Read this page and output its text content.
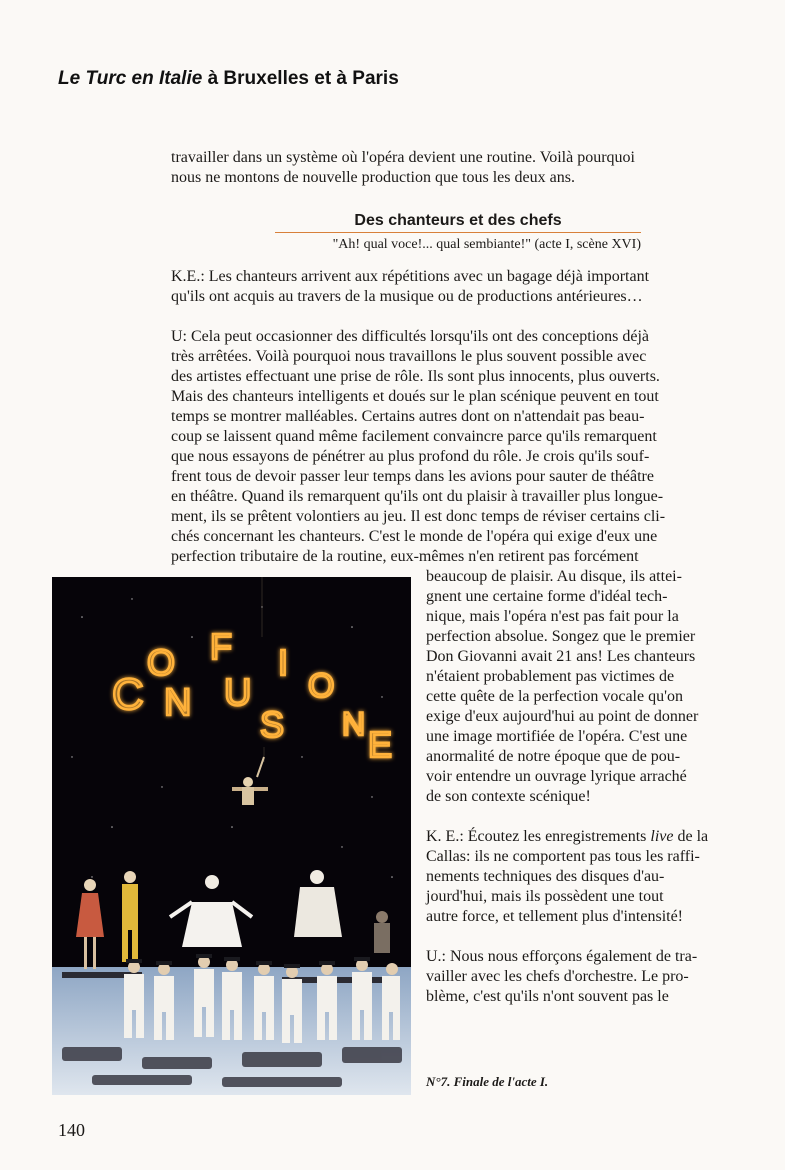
Le Turc en Italie à Bruxelles et à Paris
travailler dans un système où l'opéra devient une routine. Voilà pourquoi
nous ne montons de nouvelle production que tous les deux ans.
Des chanteurs et des chefs
"Ah! qual voce!... qual sembiante!" (acte I, scène XVI)
K.E.: Les chanteurs arrivent aux répétitions avec un bagage déjà important
qu'ils ont acquis au travers de la musique ou de productions antérieures…
U: Cela peut occasionner des difficultés lorsqu'ils ont des conceptions déjà
très arrêtées. Voilà pourquoi nous travaillons le plus souvent possible avec
des artistes effectuant une prise de rôle. Ils sont plus innocents, plus ouverts.
Mais des chanteurs intelligents et doués sur le plan scénique peuvent en tout
temps se montrer malléables. Certains autres dont on n'attendait pas beau-
coup se laissent quand même facilement convaincre parce qu'ils remarquent
que nous essayons de pénétrer au plus profond du rôle. Je crois qu'ils souf-
frent tous de devoir passer leur temps dans les avions pour sauter de théâtre
en théâtre. Quand ils remarquent qu'ils ont du plaisir à travailler plus longue-
ment, ils se prêtent volontiers au jeu. Il est donc temps de réviser certains cli-
chés concernant les chanteurs. C'est le monde de l'opéra qui exige d'eux une
perfection tributaire de la routine, eux-mêmes n'en retirent pas forcément
beaucoup de plaisir. Au disque, ils attei-
gnent une certaine forme d'idéal tech-
nique, mais l'opéra n'est pas fait pour la
perfection absolue. Songez que le premier
Don Giovanni avait 21 ans! Les chanteurs
n'étaient probablement pas victimes de
cette quête de la perfection vocale qu'on
exige d'eux aujourd'hui au point de donner
une image mortifiée de l'opéra. C'est une
anormalité de notre époque que de pou-
voir entendre un ouvrage lyrique arraché
de son contexte scénique!
K. E.: Écoutez les enregistrements live de la
Callas: ils ne comportent pas tous les raffi-
nements techniques des disques d'au-
jourd'hui, mais ils possèdent une tout
autre force, et tellement plus d'intensité!
U.: Nous nous efforçons également de tra-
vailler avec les chefs d'orchestre. Le pro-
blème, c'est qu'ils n'ont souvent pas le
C
O
N
F
U
S
I
O
N E
N°7. Finale de l'acte I.
140
